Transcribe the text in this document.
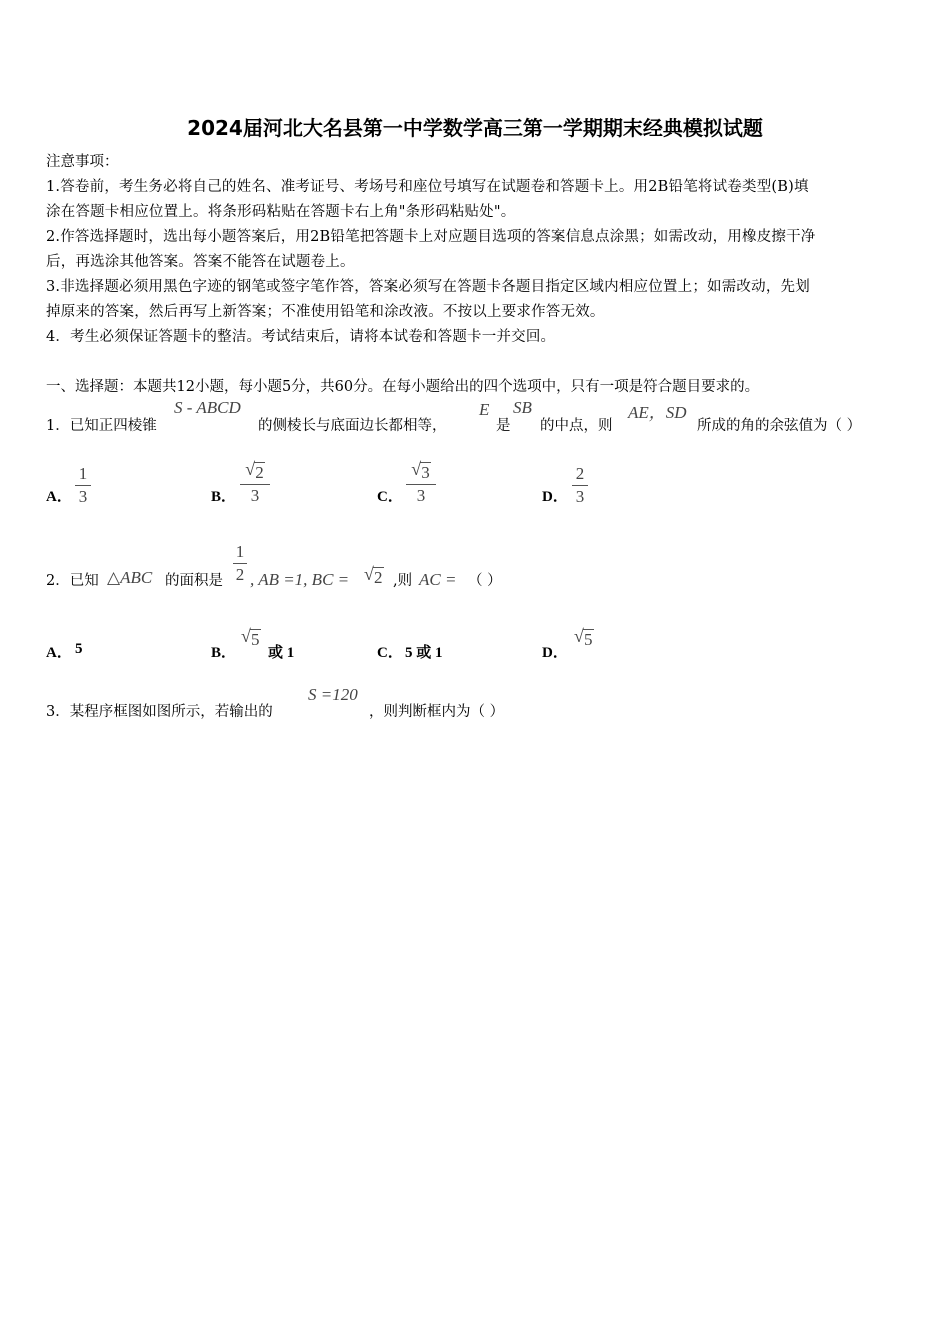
2024届河北大名县第一中学数学高三第一学期期末经典模拟试题
注意事项：
1.答卷前，考生务必将自己的姓名、准考证号、考场号和座位号填写在试题卷和答题卡上。用2B铅笔将试卷类型(B)填
涂在答题卡相应位置上。将条形码粘贴在答题卡右上角"条形码粘贴处"。
2.作答选择题时，选出每小题答案后，用2B铅笔把答题卡上对应题目选项的答案信息点涂黑；如需改动，用橡皮擦干净
后，再选涂其他答案。答案不能答在试题卷上。
3.非选择题必须用黑色字迹的钢笔或签字笔作答，答案必须写在答题卡各题目指定区域内相应位置上；如需改动，先划
掉原来的答案，然后再写上新答案；不准使用铅笔和涂改液。不按以上要求作答无效。
4．考生必须保证答题卡的整洁。考试结束后，请将本试卷和答题卡一并交回。
一、选择题：本题共12小题，每小题5分，共60分。在每小题给出的四个选项中，只有一项是符合题目要求的。
1．已知正四棱锥
S - ABCD
的侧棱长与底面边长都相等，
E
是
SB
的中点，则
AE，SD
所成的角的余弦值为（ ）
A．
1
3	B．
√ 2
3	C．
√ 3
3	D．
2
3
2．已知 △ABC 的面积是
1
2 , AB =1, BC = √ 2 ,则 AC = （ ）
A． 5	B．
√ 5
或 1	C． 5 或 1	D．
√ 5
3．某程序框图如图所示，若输出的
S =120
，则判断框内为（ ）
